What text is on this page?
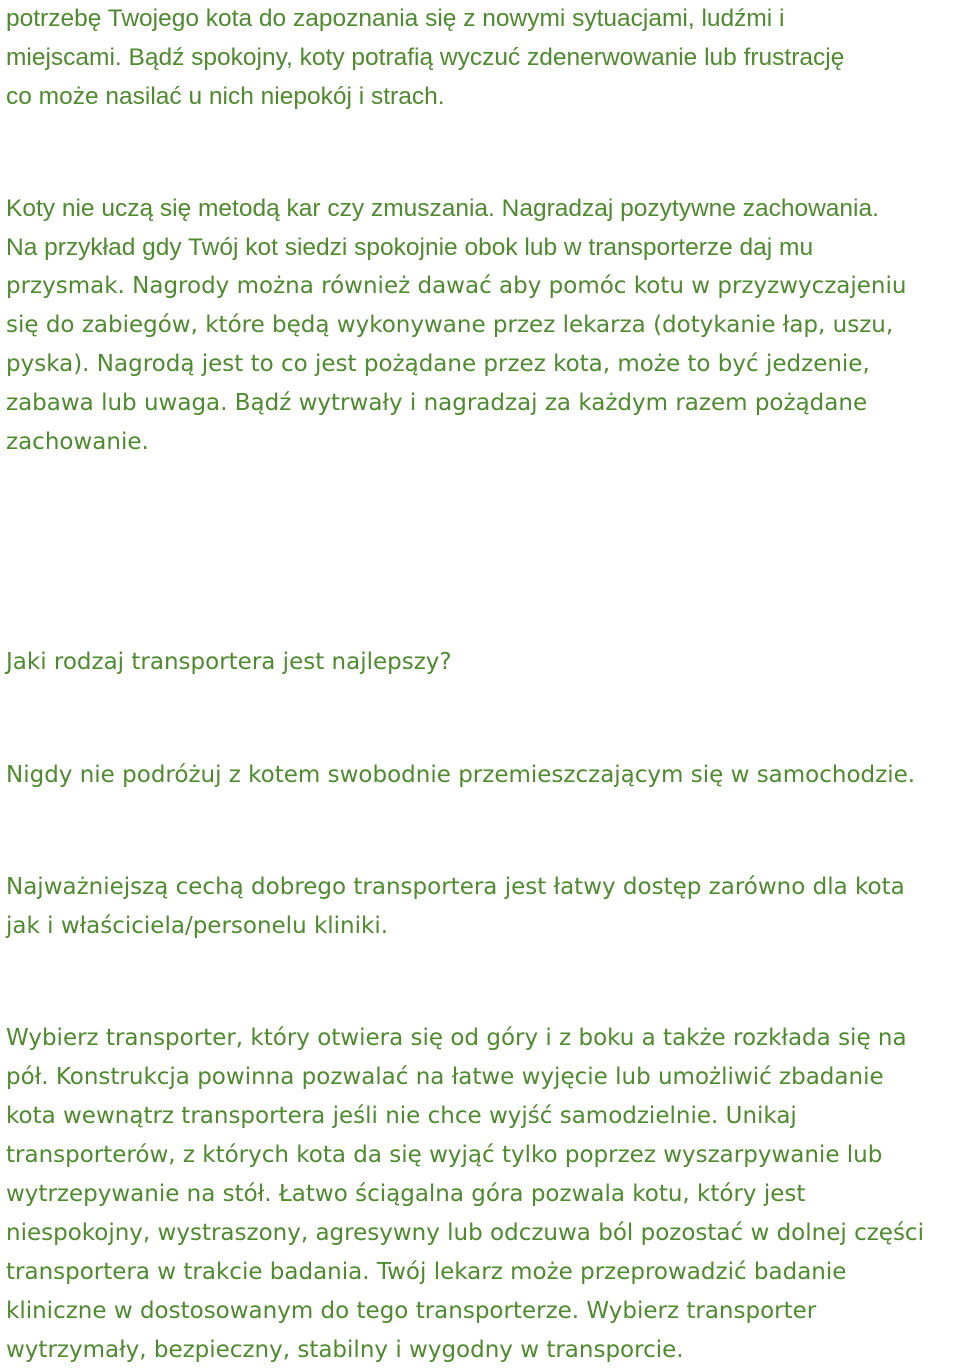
potrzebę Twojego kota do zapoznania się z nowymi sytuacjami, ludźmi i
miejscami. Bądź spokojny, koty potrafią wyczuć zdenerwowanie lub frustrację
co może nasilać u nich niepokój i strach.

Koty nie uczą się metodą kar czy zmuszania. Nagradzaj pozytywne zachowania.
Na przykład gdy Twój kot siedzi spokojnie obok lub w transporterze daj mu
przysmak. Nagrody można również dawać aby pomóc kotu w przyzwyczajeniu
się do zabiegów, które będą wykonywane przez lekarza (dotykanie łap, uszu,
pyska). Nagrodą jest to co jest pożądane przez kota, może to być jedzenie,
zabawa lub uwaga. Bądź wytrwały i nagradzaj za każdym razem pożądane
zachowanie.

Jaki rodzaj transportera jest najlepszy?

Nigdy nie podróżuj z kotem swobodnie przemieszczającym się w samochodzie.

Najważniejszą cechą dobrego transportera jest łatwy dostęp zarówno dla kota
jak i właściciela/personelu kliniki.

Wybierz transporter, który otwiera się od góry i z boku a także rozkłada się na
pół. Konstrukcja powinna pozwalać na łatwe wyjęcie lub umożliwić zbadanie
kota wewnątrz transportera jeśli nie chce wyjść samodzielnie. Unikaj
transporterów, z których kota da się wyjąć tylko poprzez wyszarpywanie lub
wytrzepywanie na stół. Łatwo ściągalna góra pozwala kotu, który jest
niespokojny, wystraszony, agresywny lub odczuwa ból pozostać w dolnej części
transportera w trakcie badania. Twój lekarz może przeprowadzić badanie
kliniczne w dostosowanym do tego transporterze. Wybierz transporter
wytrzymały, bezpieczny, stabilny i wygodny w transporcie.
